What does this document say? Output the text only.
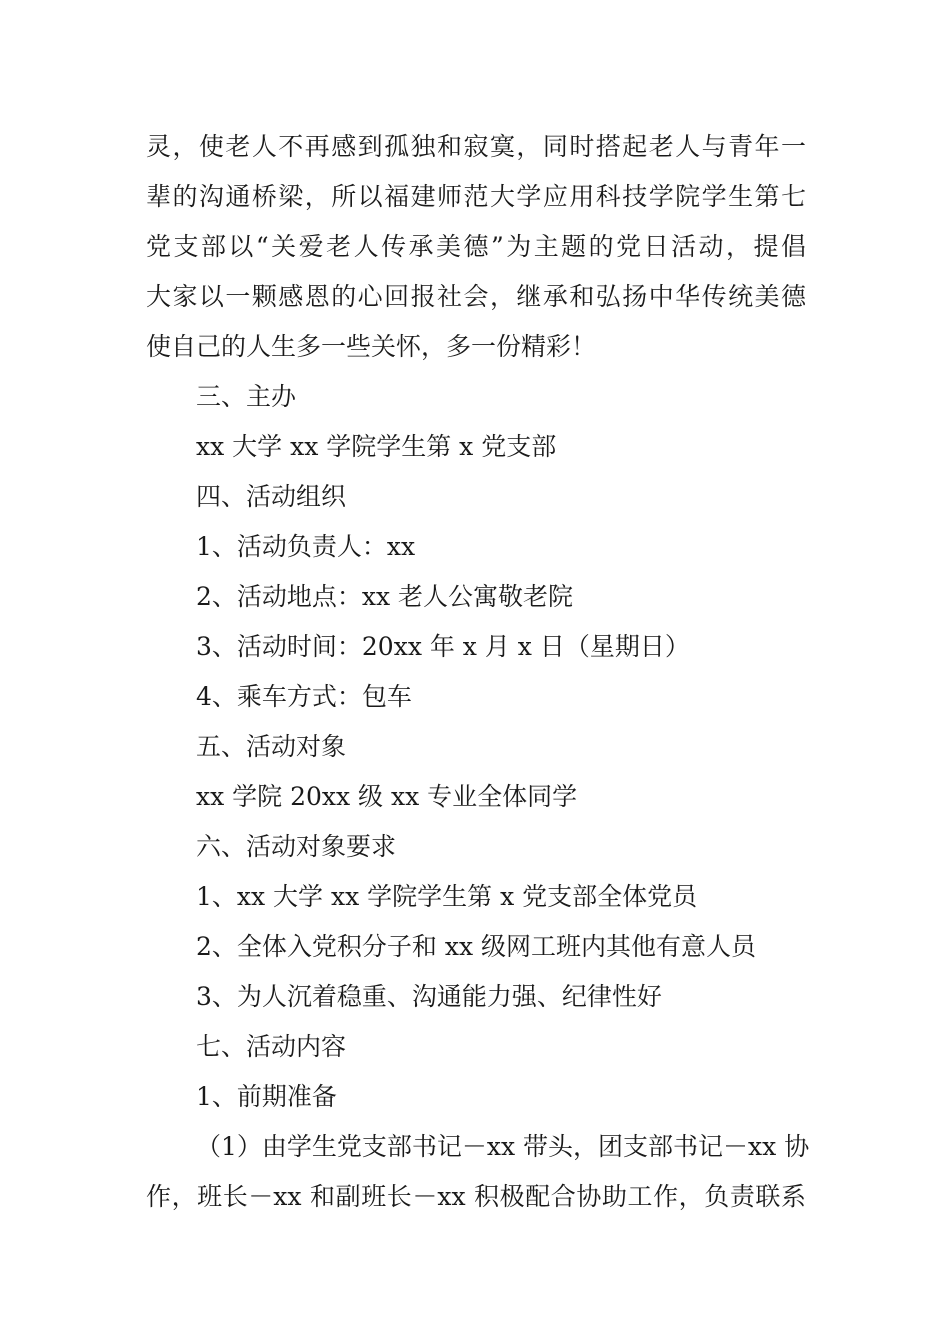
灵，使老人不再感到孤独和寂寞，同时搭起老人与青年一
辈的沟通桥梁，所以福建师范大学应用科技学院学生第七
党支部以“关爱老人传承美德”为主题的党日活动，提倡
大家以一颗感恩的心回报社会，继承和弘扬中华传统美德
使自己的人生多一些关怀，多一份精彩！
三、主办
xx 大学 xx 学院学生第 x 党支部
四、活动组织
1、活动负责人：xx
2、活动地点：xx 老人公寓敬老院
3、活动时间：20xx 年 x 月 x 日（星期日）
4、乘车方式：包车
五、活动对象
xx 学院 20xx 级 xx 专业全体同学
六、活动对象要求
1、xx 大学 xx 学院学生第 x 党支部全体党员
2、全体入党积分子和 xx 级网工班内其他有意人员
3、为人沉着稳重、沟通能力强、纪律性好
七、活动内容
1、前期准备
（1）由学生党支部书记－xx 带头，团支部书记－xx 协
作，班长－xx 和副班长－xx 积极配合协助工作，负责联系
